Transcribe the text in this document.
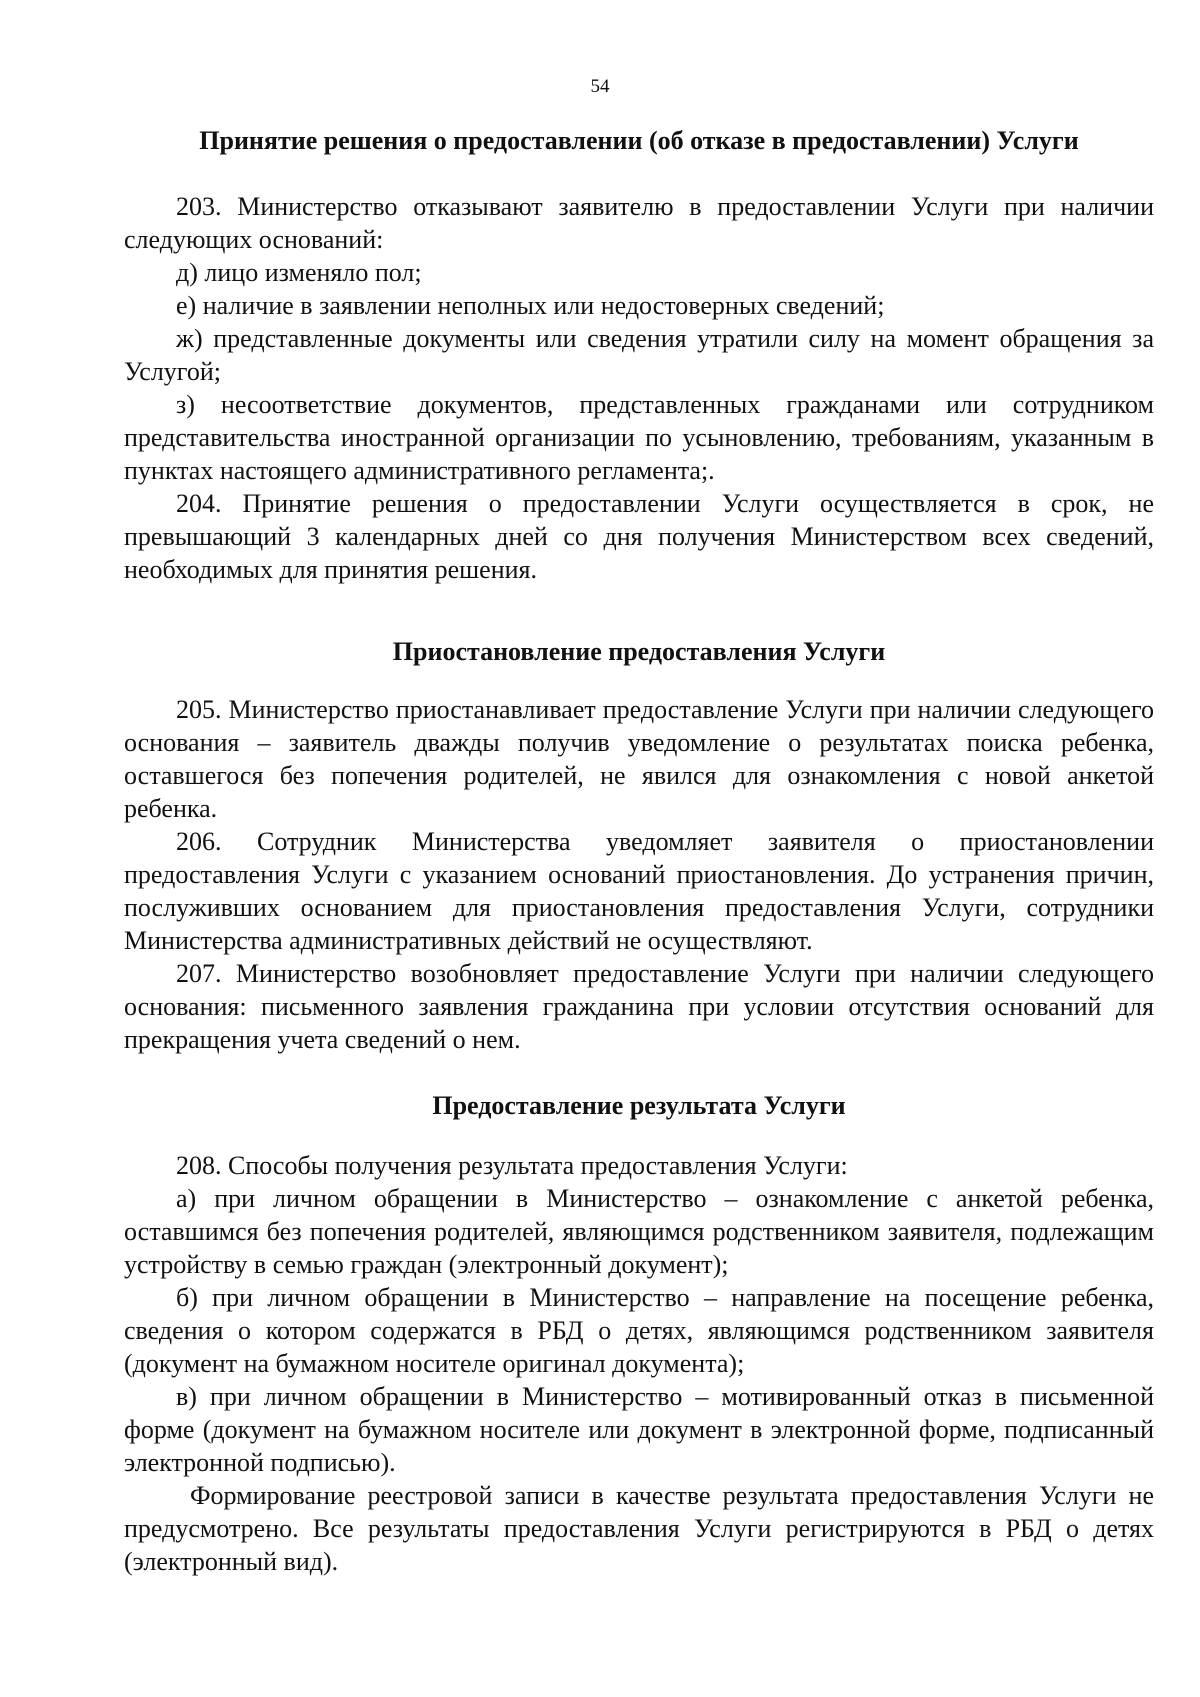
54
Принятие решения о предоставлении (об отказе в предоставлении) Услуги

203. Министерство отказывают заявителю в предоставлении Услуги при наличии следующих оснований:

д) лицо изменяло пол;

е) наличие в заявлении неполных или недостоверных сведений;

ж) представленные документы или сведения утратили силу на момент обращения за Услугой;

з) несоответствие документов, представленных гражданами или сотрудником представительства иностранной организации по усыновлению, требованиям, указанным в пунктах настоящего административного регламента;.

204. Принятие решения о предоставлении Услуги осуществляется в срок, не превышающий 3 календарных дней со дня получения Министерством всех сведений, необходимых для принятия решения.

Приостановление предоставления Услуги

205. Министерство приостанавливает предоставление Услуги при наличии следующего основания – заявитель дважды получив уведомление о результатах поиска ребенка, оставшегося без попечения родителей, не явился для ознакомления с новой анкетой ребенка.

206. Сотрудник Министерства уведомляет заявителя о приостановлении предоставления Услуги с указанием оснований приостановления. До устранения причин, послуживших основанием для приостановления предоставления Услуги, сотрудники Министерства административных действий не осуществляют.

207. Министерство возобновляет предоставление Услуги при наличии следующего основания: письменного заявления гражданина при условии отсутствия оснований для прекращения учета сведений о нем.

Предоставление результата Услуги

208. Способы получения результата предоставления Услуги:

а) при личном обращении в Министерство – ознакомление с анкетой ребенка, оставшимся без попечения родителей, являющимся родственником заявителя, подлежащим устройству в семью граждан (электронный документ);

б) при личном обращении в Министерство – направление на посещение ребенка, сведения о котором содержатся в РБД о детях, являющимся родственником заявителя (документ на бумажном носителе оригинал документа);

в) при личном обращении в Министерство – мотивированный отказ в письменной форме (документ на бумажном носителе или документ в электронной форме, подписанный электронной подписью).

Формирование реестровой записи в качестве результата предоставления Услуги не предусмотрено. Все результаты предоставления Услуги регистрируются в РБД о детях (электронный вид).
